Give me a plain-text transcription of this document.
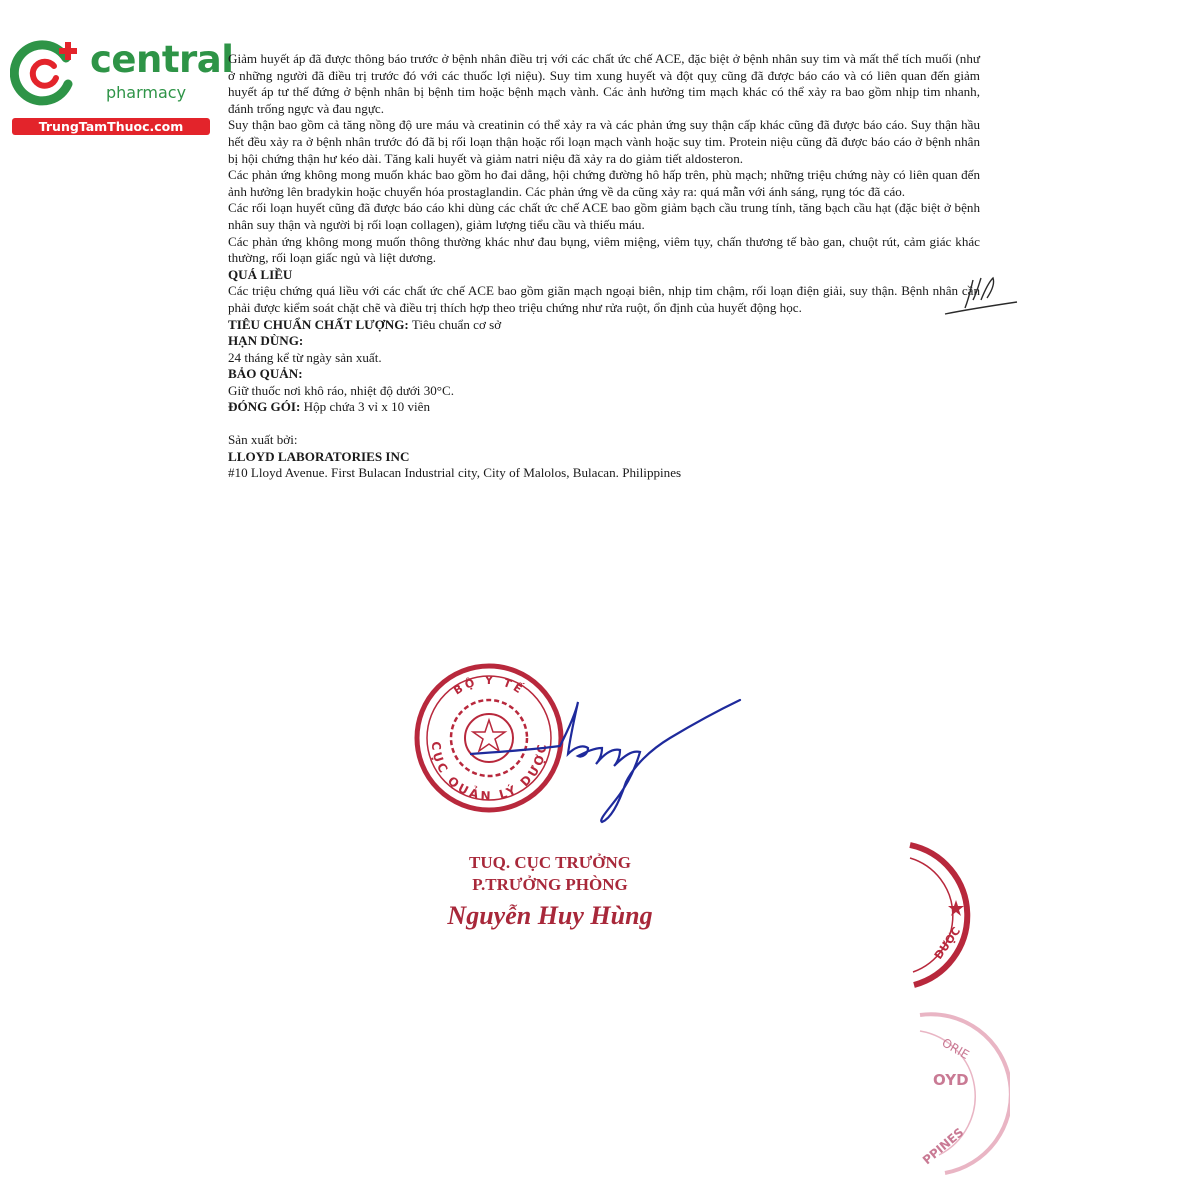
central
pharmacy
TrungTamThuoc.com

Giảm huyết áp đã được thông báo trước ở bệnh nhân điều trị với các chất ức chế ACE, đặc biệt ở bệnh nhân suy tim và mất thể tích muối (như ở những người đã điều trị trước đó với các thuốc lợi niệu). Suy tim xung huyết và đột quỵ cũng đã được báo cáo và có liên quan đến giảm huyết áp tư thế đứng ở bệnh nhân bị bệnh tim hoặc bệnh mạch vành. Các ảnh hưởng tim mạch khác có thể xảy ra bao gồm nhịp tim nhanh, đánh trống ngực và đau ngực.

Suy thận bao gồm cả tăng nồng độ ure máu và creatinin có thể xảy ra và các phản ứng suy thận cấp khác cũng đã được báo cáo. Suy thận hầu hết đều xảy ra ở bệnh nhân trước đó đã bị rối loạn thận hoặc rối loạn mạch vành hoặc suy tim. Protein niệu cũng đã được báo cáo ở bệnh nhân bị hội chứng thận hư kéo dài. Tăng kali huyết và giảm natri niệu đã xảy ra do giảm tiết aldosteron.

Các phản ứng không mong muốn khác bao gồm ho đai dẳng, hội chứng đường hô hấp trên, phù mạch; những triệu chứng này có liên quan đến ảnh hưởng lên bradykin hoặc chuyển hóa prostaglandin. Các phản ứng về da cũng xảy ra: quá mẫn với ánh sáng, rụng tóc đã cáo.

Các rối loạn huyết cũng đã được báo cáo khi dùng các chất ức chế ACE bao gồm giảm bạch cầu trung tính, tăng bạch cầu hạt (đặc biệt ở bệnh nhân suy thận và người bị rối loạn collagen), giảm lượng tiểu cầu và thiếu máu.

Các phản ứng không mong muốn thông thường khác như đau bụng, viêm miệng, viêm tụy, chấn thương tế bào gan, chuột rút, cảm giác khác thường, rối loạn giấc ngủ và liệt dương.

QUÁ LIỀU

Các triệu chứng quá liều với các chất ức chế ACE bao gồm giãn mạch ngoại biên, nhịp tim chậm, rối loạn điện giải, suy thận. Bệnh nhân cần phải được kiểm soát chặt chẽ và điều trị thích hợp theo triệu chứng như rửa ruột, ổn định của huyết động học.

TIÊU CHUẨN CHẤT LƯỢNG: Tiêu chuẩn cơ sở

HẠN DÙNG:

24 tháng kể từ ngày sản xuất.

BẢO QUẢN:

Giữ thuốc nơi khô ráo, nhiệt độ dưới 30°C.

ĐÓNG GÓI: Hộp chứa 3 vỉ x 10 viên

Sản xuất bởi:

LLOYD LABORATORIES INC

#10 Lloyd Avenue. First Bulacan Industrial city, City of Malolos, Bulacan. Philippines

BỘ Y TẾ
CỤC QUẢN LÝ DƯỢC
TUQ. CỤC TRƯỞNG
P.TRƯỞNG PHÒNG
Nguyễn Huy Hùng
DƯỢC
ORIE
OYD
PPINES
